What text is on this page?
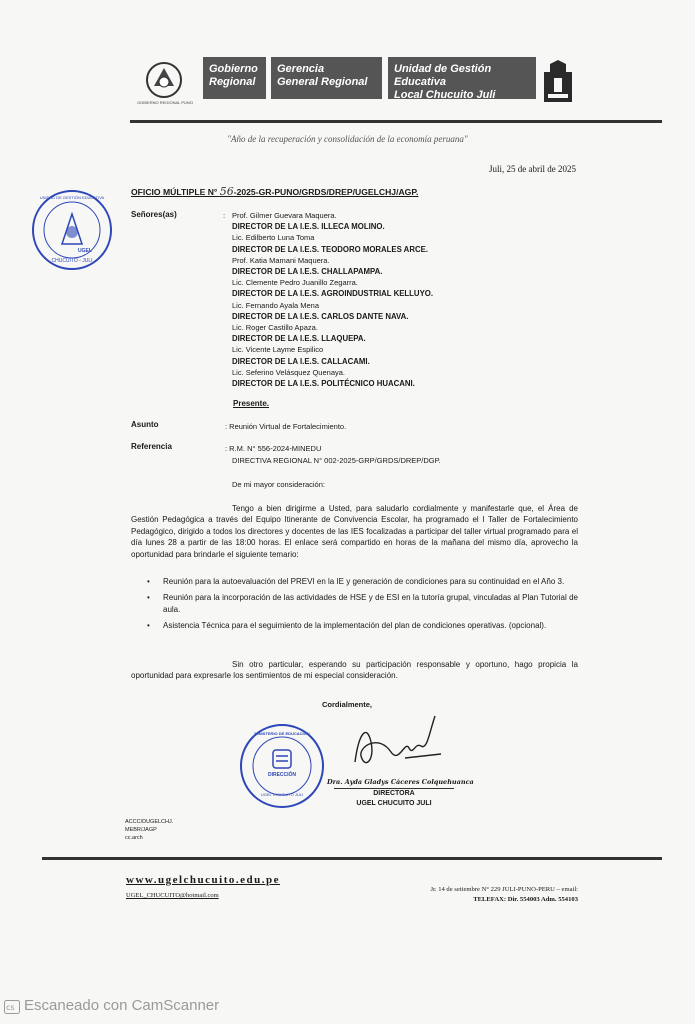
GOBIERNO REGIONAL PUNO
Gobierno
Regional
Gerencia
General Regional
Unidad de Gestión Educativa
Local Chucuito Juli
"Año de la recuperación y consolidación de la economía peruana"
Juli, 25 de abril de 2025
OFICIO MÚLTIPLE N° 56-2025-GR-PUNO/GRDS/DREP/UGELCHJ/AGP.
UNIDAD DE GESTIÓN EDUCATIVA
CHUCUITO - JULI
UGEL
Señores(as)	: Prof. Gilmer Guevara Maquera.
DIRECTOR DE LA I.E.S. ILLECA MOLINO.
Lic. Edilberto Luna Toma
DIRECTOR DE LA I.E.S. TEODORO MORALES ARCE.
Prof. Katia Mamani Maquera.
DIRECTOR DE LA I.E.S. CHALLAPAMPA.
Lic. Clemente Pedro Juanillo Zegarra.
DIRECTOR DE LA I.E.S. AGROINDUSTRIAL KELLUYO.
Lic. Fernando Ayala Mena
DIRECTOR DE LA I.E.S. CARLOS DANTE NAVA.
Lic. Roger Castillo Apaza.
DIRECTOR DE LA I.E.S. LLAQUEPA.
Lic. Vicente Layme Espilico
DIRECTOR DE LA I.E.S. CALLACAMI.
Lic. Seferino Velásquez Quenaya.
DIRECTOR DE LA I.E.S. POLITÉCNICO HUACANI.
Presente.
Asunto	: Reunión Virtual de Fortalecimiento.
Referencia	: R.M. N° 556-2024-MINEDU
DIRECTIVA REGIONAL N° 002-2025-GRP/GRDS/DREP/DGP.
De mi mayor consideración:
Tengo a bien dirigirme a Usted, para saludarlo cordialmente y manifestarle que, el Área de Gestión Pedagógica a través del Equipo Itinerante de Convivencia Escolar, ha programado el I Taller de Fortalecimiento Pedagógico, dirigido a todos los directores y docentes de las IES focalizadas a participar del taller virtual programado para el día lunes 28 a partir de las 18:00 horas. El enlace será compartido en horas de la mañana del mismo día, aprovecho la oportunidad para brindarle el siguiente temario:
• Reunión para la autoevaluación del PREVI en la IE y generación de condiciones para su continuidad en el Año 3.
• Reunión para la incorporación de las actividades de HSE y de ESI en la tutoría grupal, vinculadas al Plan Tutorial de aula.
• Asistencia Técnica para el seguimiento de la implementación del plan de condiciones operativas. (opcional).
Sin otro particular, esperando su participación responsable y oportuno, hago propicia la oportunidad para expresarle los sentimientos de mi especial consideración.
Cordialmente,
MINISTERIO DE EDUCACIÓN
DIRECCIÓN
UGEL CHUCUITO JULI
Dra. Ayda Gladys Cáceres Colquehuanca
DIRECTORA
UGEL CHUCUITO JULI
ACCC/DUGELCHJ.
MEBR/JAGP
cc.arch
www.ugelchucuito.edu.pe
UGEL_CHUCUITO@hotmail.com
Jr. 14 de setiembre N° 229 JULI-PUNO-PERU – email:
TELEFAX: Dir. 554003 Adm. 554103
cs Escaneado con CamScanner
